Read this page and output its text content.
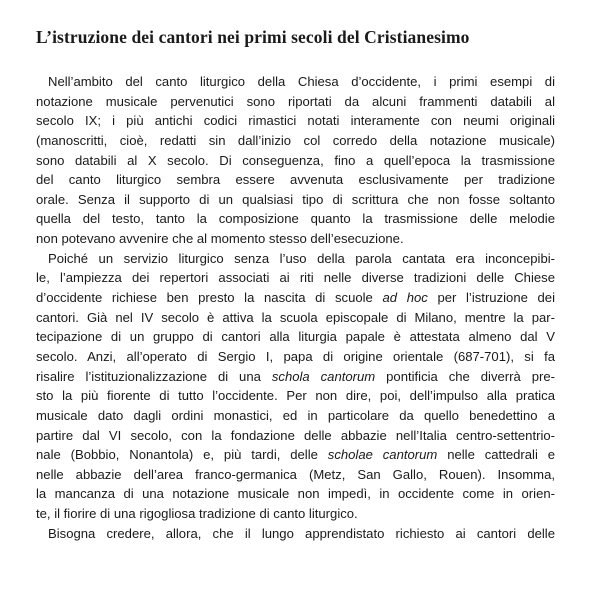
L’istruzione dei cantori nei primi secoli del Cristianesimo
Nell’ambito del canto liturgico della Chiesa d’occidente, i primi esempi di
notazione musicale pervenutici sono riportati da alcuni frammenti databili al
secolo IX; i più antichi codici rimastici notati interamente con neumi originali
(manoscritti, cioè, redatti sin dall’inizio col corredo della notazione musicale)
sono databili al X secolo. Di conseguenza, fino a quell’epoca la trasmissione
del canto liturgico sembra essere avvenuta esclusivamente per tradizione
orale. Senza il supporto di un qualsiasi tipo di scrittura che non fosse soltanto
quella del testo, tanto la composizione quanto la trasmissione delle melodie
non potevano avvenire che al momento stesso dell’esecuzione.
Poiché un servizio liturgico senza l’uso della parola cantata era inconcepibi-
le, l’ampiezza dei repertori associati ai riti nelle diverse tradizioni delle Chiese
d’occidente richiese ben presto la nascita di scuole ad hoc per l’istruzione dei
cantori. Già nel IV secolo è attiva la scuola episcopale di Milano, mentre la par-
tecipazione di un gruppo di cantori alla liturgia papale è attestata almeno dal V
secolo. Anzi, all’operato di Sergio I, papa di origine orientale (687-701), si fa
risalire l’istituzionalizzazione di una schola cantorum pontificia che diverrà pre-
sto la più fiorente di tutto l’occidente. Per non dire, poi, dell’impulso alla pratica
musicale dato dagli ordini monastici, ed in particolare da quello benedettino a
partire dal VI secolo, con la fondazione delle abbazie nell’Italia centro-settentrio-
nale (Bobbio, Nonantola) e, più tardi, delle scholae cantorum nelle cattedrali e
nelle abbazie dell’area franco-germanica (Metz, San Gallo, Rouen). Insomma,
la mancanza di una notazione musicale non impedì, in occidente come in orien-
te, il fiorire di una rigogliosa tradizione di canto liturgico.
Bisogna credere, allora, che il lungo apprendistato richiesto ai cantori delle
